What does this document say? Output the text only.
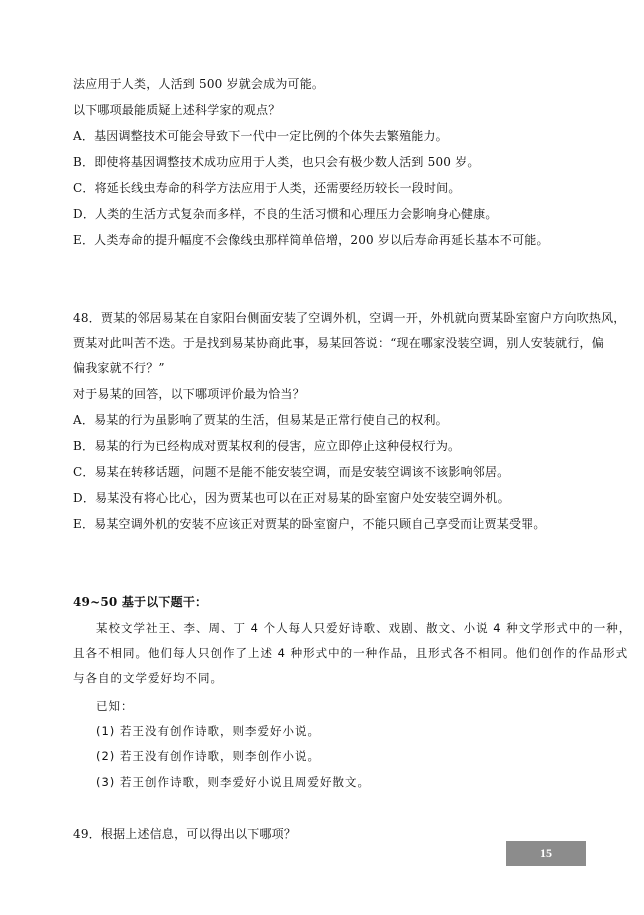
法应用于人类，人活到 500 岁就会成为可能。
以下哪项最能质疑上述科学家的观点？
A．基因调整技术可能会导致下一代中一定比例的个体失去繁殖能力。
B．即使将基因调整技术成功应用于人类，也只会有极少数人活到 500 岁。
C．将延长线虫寿命的科学方法应用于人类，还需要经历较长一段时间。
D．人类的生活方式复杂而多样，不良的生活习惯和心理压力会影响身心健康。
E．人类寿命的提升幅度不会像线虫那样简单倍增，200 岁以后寿命再延长基本不可能。
48．贾某的邻居易某在自家阳台侧面安装了空调外机，空调一开，外机就向贾某卧室窗户方向吹热风，
贾某对此叫苦不迭。于是找到易某协商此事，易某回答说：“现在哪家没装空调，别人安装就行，偏
偏我家就不行？”
对于易某的回答，以下哪项评价最为恰当？
A．易某的行为虽影响了贾某的生活，但易某是正常行使自己的权利。
B．易某的行为已经构成对贾某权利的侵害，应立即停止这种侵权行为。
C．易某在转移话题，问题不是能不能安装空调，而是安装空调该不该影响邻居。
D．易某没有将心比心，因为贾某也可以在正对易某的卧室窗户处安装空调外机。
E．易某空调外机的安装不应该正对贾某的卧室窗户，不能只顾自己享受而让贾某受罪。
49~50 基于以下题干：
某校文学社王、李、周、丁 4 个人每人只爱好诗歌、戏剧、散文、小说 4 种文学形式中的一种，
且各不相同。他们每人只创作了上述 4 种形式中的一种作品，且形式各不相同。他们创作的作品形式
与各自的文学爱好均不同。
已知：
(1) 若王没有创作诗歌，则李爱好小说。
(2) 若王没有创作诗歌，则李创作小说。
(3) 若王创作诗歌，则李爱好小说且周爱好散文。
49．根据上述信息，可以得出以下哪项？
15
